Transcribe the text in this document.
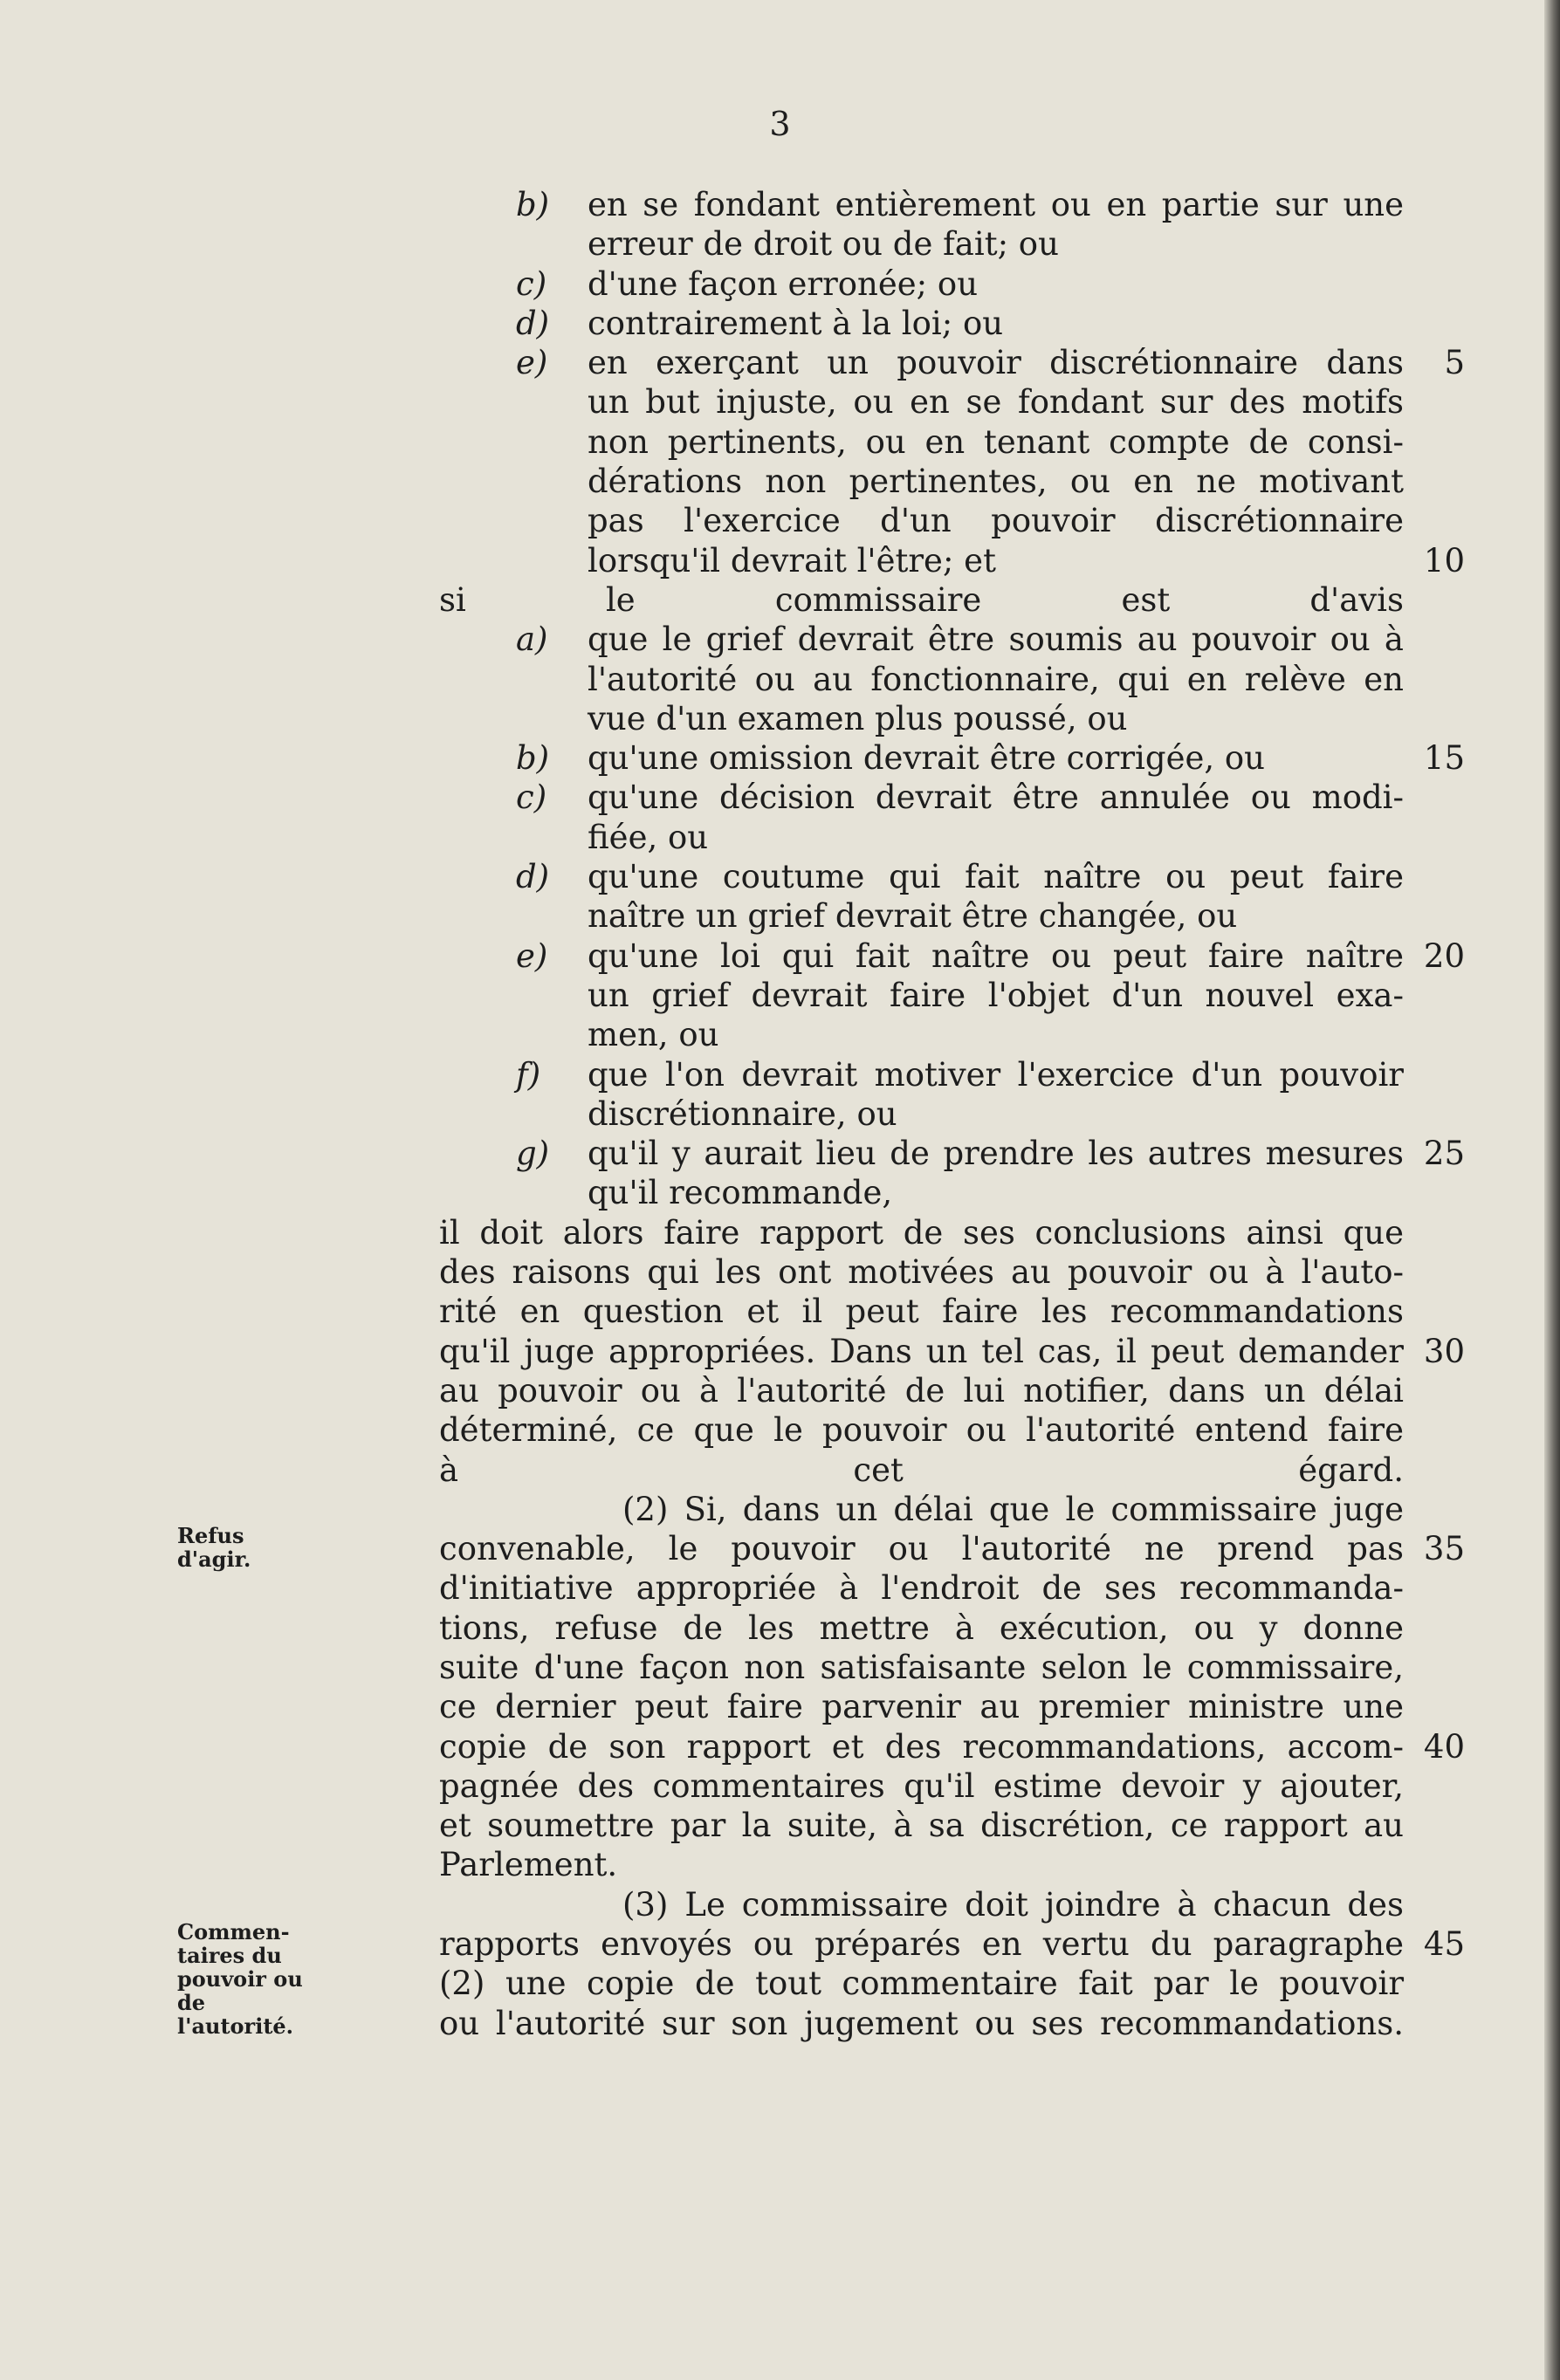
3
b) en se fondant entièrement ou en partie sur une
erreur de droit ou de fait; ou
c) d'une façon erronée; ou
d) contrairement à la loi; ou
e) en exerçant un pouvoir discrétionnaire dans	5
un but injuste, ou en se fondant sur des motifs
non pertinents, ou en tenant compte de consi-
dérations non pertinentes, ou en ne motivant
pas l'exercice d'un pouvoir discrétionnaire
lorsqu'il devrait l'être; et	10
si le commissaire est d'avis
a) que le grief devrait être soumis au pouvoir ou à
l'autorité ou au fonctionnaire, qui en relève en
vue d'un examen plus poussé, ou
b) qu'une omission devrait être corrigée, ou	15
c) qu'une décision devrait être annulée ou modi-
fiée, ou
d) qu'une coutume qui fait naître ou peut faire
naître un grief devrait être changée, ou
e) qu'une loi qui fait naître ou peut faire naître 20
un grief devrait faire l'objet d'un nouvel exa-
men, ou
f) que l'on devrait motiver l'exercice d'un pouvoir
discrétionnaire, ou
g) qu'il y aurait lieu de prendre les autres mesures 25
qu'il recommande,
il doit alors faire rapport de ses conclusions ainsi que
des raisons qui les ont motivées au pouvoir ou à l'auto-
rité en question et il peut faire les recommandations
qu'il juge appropriées. Dans un tel cas, il peut demander 30
au pouvoir ou à l'autorité de lui notifier, dans un délai
déterminé, ce que le pouvoir ou l'autorité entend faire
à cet égard.
(2) Si, dans un délai que le commissaire juge
convenable, le pouvoir ou l'autorité ne prend pas 35
d'initiative appropriée à l'endroit de ses recommanda-
tions, refuse de les mettre à exécution, ou y donne
suite d'une façon non satisfaisante selon le commissaire,
ce dernier peut faire parvenir au premier ministre une
copie de son rapport et des recommandations, accom- 40
pagnée des commentaires qu'il estime devoir y ajouter,
et soumettre par la suite, à sa discrétion, ce rapport au
Parlement.
(3) Le commissaire doit joindre à chacun des
rapports envoyés ou préparés en vertu du paragraphe 45
(2) une copie de tout commentaire fait par le pouvoir
ou l'autorité sur son jugement ou ses recommandations.
Refus
d'agir.
Commen-
taires du
pouvoir ou
de
l'autorité.
